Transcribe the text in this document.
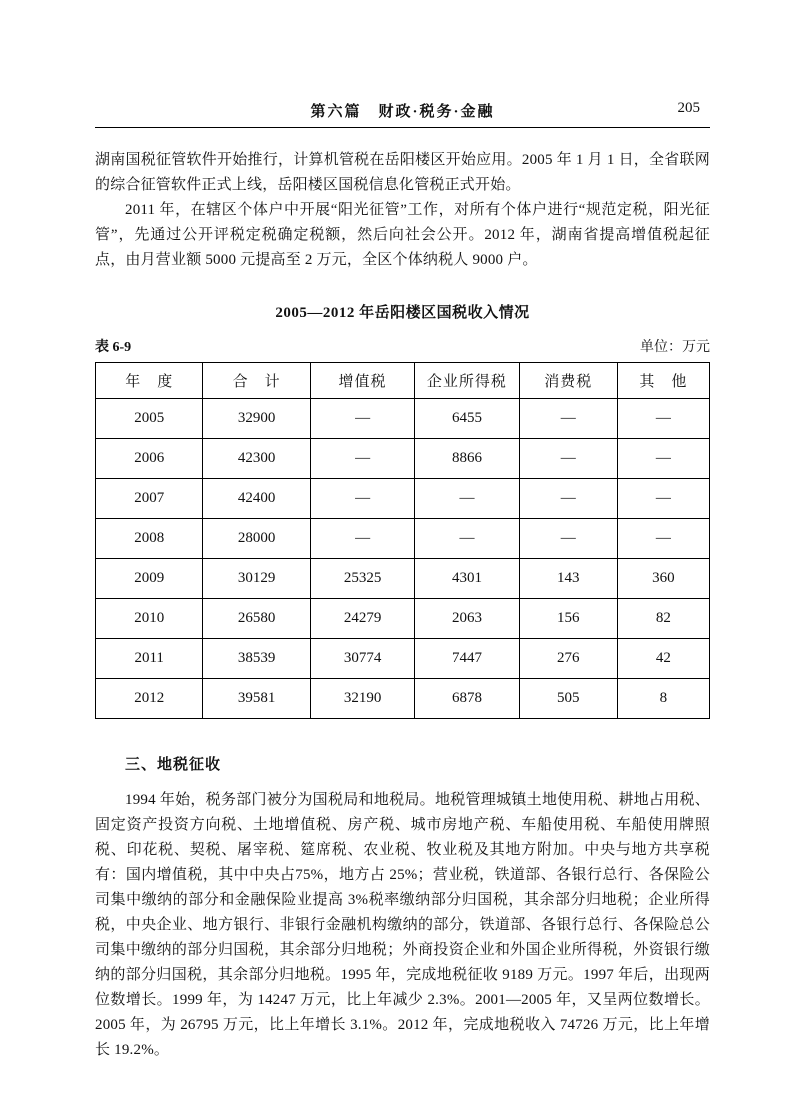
第六篇　财政·税务·金融	205

湖南国税征管软件开始推行，计算机管税在岳阳楼区开始应用。2005 年 1 月 1 日，全省联网的综合征管软件正式上线，岳阳楼区国税信息化管税正式开始。

2011 年，在辖区个体户中开展“阳光征管”工作，对所有个体户进行“规范定税，阳光征管”，先通过公开评税定税确定税额，然后向社会公开。2012 年，湖南省提高增值税起征点，由月营业额 5000 元提高至 2 万元，全区个体纳税人 9000 户。

2005—2012 年岳阳楼区国税收入情况
表 6-9	单位：万元
年　度	合　计	增值税	企业所得税	消费税	其　他
2005	32900	—	6455	—	—
2006	42300	—	8866	—	—
2007	42400	—	—	—	—
2008	28000	—	—	—	—
2009	30129	25325	4301	143	360
2010	26580	24279	2063	156	82
2011	38539	30774	7447	276	42
2012	39581	32190	6878	505	8

三、地税征收

1994 年始，税务部门被分为国税局和地税局。地税管理城镇土地使用税、耕地占用税、固定资产投资方向税、土地增值税、房产税、城市房地产税、车船使用税、车船使用牌照税、印花税、契税、屠宰税、筵席税、农业税、牧业税及其地方附加。中央与地方共享税有：国内增值税，其中中央占75%，地方占 25%；营业税，铁道部、各银行总行、各保险公司集中缴纳的部分和金融保险业提高 3%税率缴纳部分归国税，其余部分归地税；企业所得税，中央企业、地方银行、非银行金融机构缴纳的部分，铁道部、各银行总行、各保险总公司集中缴纳的部分归国税，其余部分归地税；外商投资企业和外国企业所得税，外资银行缴纳的部分归国税，其余部分归地税。1995 年，完成地税征收 9189 万元。1997 年后，出现两位数增长。1999 年，为 14247 万元，比上年减少 2.3%。2001—2005 年，又呈两位数增长。2005 年，为 26795 万元，比上年增长 3.1%。2012 年，完成地税收入 74726 万元，比上年增长 19.2%。
